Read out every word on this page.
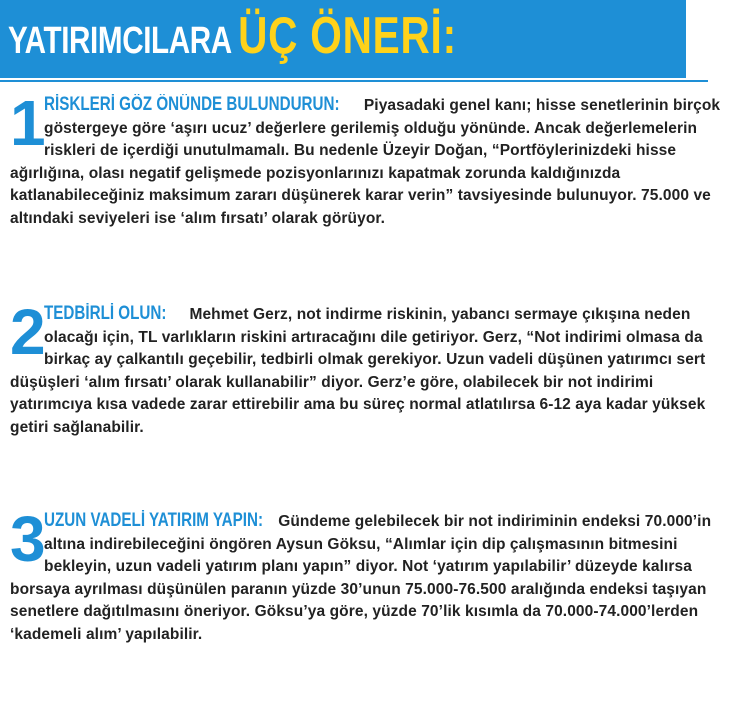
YATIRIMCILARA ÜÇ ÖNERİ:
1

RİSKLERİ GÖZ ÖNÜNDE BULUNDURUN: Piyasadaki genel kanı; hisse senetlerinin birçok göstergeye göre ‘aşırı ucuz’ değerlere gerilemiş olduğu yönünde. Ancak değerlemelerin riskleri de içerdiği unutulmamalı. Bu nedenle Üzeyir Doğan, “Portföylerinizdeki hisse ağırlığına, olası negatif gelişmede pozisyonlarınızı kapatmak zorunda kaldığınızda katlanabileceğiniz maksimum zararı düşünerek karar verin” tavsiyesinde bulunuyor. 75.000 ve altındaki seviyeleri ise ‘alım fırsatı’ olarak görüyor.

2

TEDBİRLİ OLUN: Mehmet Gerz, not indirme riskinin, yabancı sermaye çıkışına neden olacağı için, TL varlıkların riskini artıracağını dile getiriyor. Gerz, “Not indirimi olmasa da birkaç ay çalkantılı geçebilir, tedbirli olmak gerekiyor. Uzun vadeli düşünen yatırımcı sert düşüşleri ‘alım fırsatı’ olarak kullanabilir” diyor. Gerz’e göre, olabilecek bir not indirimi yatırımcıya kısa vadede zarar ettirebilir ama bu süreç normal atlatılırsa 6-12 aya kadar yüksek getiri sağlanabilir.

3

UZUN VADELİ YATIRIM YAPIN: Gündeme gelebilecek bir not indiriminin endeksi 70.000’in altına indirebileceğini öngören Aysun Göksu, “Alımlar için dip çalışmasının bitmesini bekleyin, uzun vadeli yatırım planı yapın” diyor. Not ‘yatırım yapılabilir’ düzeyde kalırsa borsaya ayrılması düşünülen paranın yüzde 30’unun 75.000-76.500 aralığında endeksi taşıyan senetlere dağıtılmasını öneriyor. Göksu’ya göre, yüzde 70’lik kısımla da 70.000-74.000’lerden ‘kademeli alım’ yapılabilir.
